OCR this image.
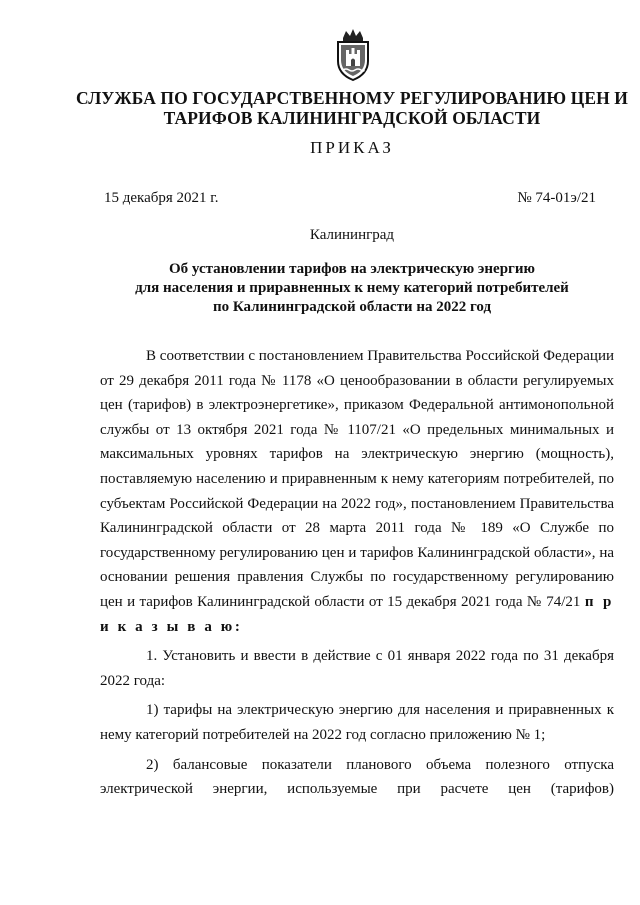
СЛУЖБА ПО ГОСУДАРСТВЕННОМУ РЕГУЛИРОВАНИЮ ЦЕН И
ТАРИФОВ КАЛИНИНГРАДСКОЙ ОБЛАСТИ
ПРИКАЗ
15 декабря 2021 г.	№ 74-01э/21
Калининград
Об установлении тарифов на электрическую энергию
для населения и приравненных к нему категорий потребителей
по Калининградской области на 2022 год

В соответствии с постановлением Правительства Российской Федерации от 29 декабря 2011 года № 1178 «О ценообразовании в области регулируемых цен (тарифов) в электроэнергетике», приказом Федеральной антимонопольной службы от 13 октября 2021 года № 1107/21 «О предельных минимальных и максимальных уровнях тарифов на электрическую энергию (мощность), поставляемую населению и приравненным к нему категориям потребителей, по субъектам Российской Федерации на 2022 год», постановлением Правительства Калининградской области от 28 марта 2011 года № 189 «О Службе по государственному регулированию цен и тарифов Калининградской области», на основании решения правления Службы по государственному регулированию цен и тарифов Калининградской области от 15 декабря 2021 года № 74/21 п р и к а з ы в а ю:

1. Установить и ввести в действие с 01 января 2022 года по 31 декабря 2022 года:

1) тарифы на электрическую энергию для населения и приравненных к нему категорий потребителей на 2022 год согласно приложению № 1;

2) балансовые показатели планового объема полезного отпуска электрической энергии, используемые при расчете цен (тарифов)
